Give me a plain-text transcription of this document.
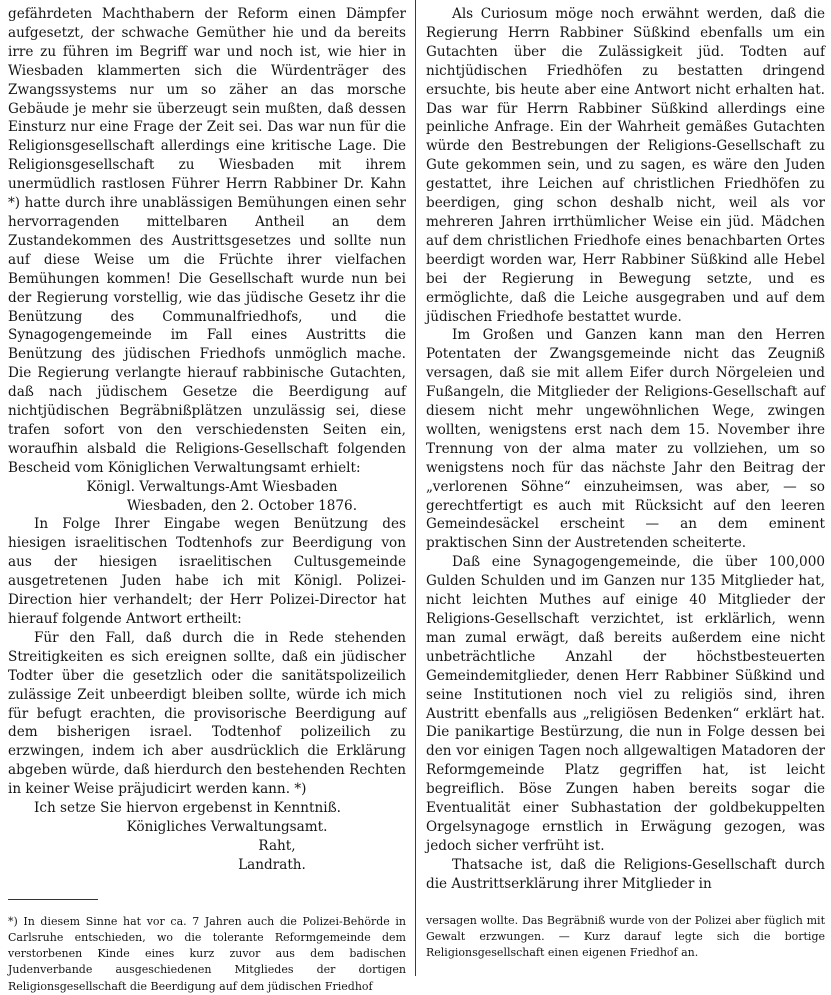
gefährdeten Machthabern der Reform einen Dämpfer aufgesetzt, der schwache Gemüther hie und da bereits irre zu führen im Begriff war und noch ist, wie hier in Wiesbaden klammerten sich die Würdenträger des Zwangssystems nur um so zäher an das morsche Gebäude je mehr sie überzeugt sein mußten, daß dessen Einsturz nur eine Frage der Zeit sei. Das war nun für die Religionsgesellschaft allerdings eine kritische Lage. Die Religionsgesellschaft zu Wiesbaden mit ihrem unermüdlich rastlosen Führer Herrn Rabbiner Dr. Kahn *) hatte durch ihre unablässigen Bemühungen einen sehr hervorragenden mittelbaren Antheil an dem Zustandekommen des Austrittsgesetzes und sollte nun auf diese Weise um die Früchte ihrer vielfachen Bemühungen kommen! Die Gesellschaft wurde nun bei der Regierung vorstellig, wie das jüdische Gesetz ihr die Benützung des Communalfriedhofs, und die Synagogengemeinde im Fall eines Austritts die Benützung des jüdischen Friedhofs unmöglich mache. Die Regierung verlangte hierauf rabbinische Gutachten, daß nach jüdischem Gesetze die Beerdigung auf nichtjüdischen Begräbnißplätzen unzulässig sei, diese trafen sofort von den verschiedensten Seiten ein, woraufhin alsbald die Religions-Gesellschaft folgenden Bescheid vom Königlichen Verwaltungsamt erhielt:

Königl. Verwaltungs-Amt Wiesbaden

Wiesbaden, den 2. October 1876.

In Folge Ihrer Eingabe wegen Benützung des hiesigen israelitischen Todtenhofs zur Beerdigung von aus der hiesigen israelitischen Cultusgemeinde ausgetretenen Juden habe ich mit Königl. Polizei-Direction hier verhandelt; der Herr Polizei-Director hat hierauf folgende Antwort ertheilt:

Für den Fall, daß durch die in Rede stehenden Streitigkeiten es sich ereignen sollte, daß ein jüdischer Todter über die gesetzlich oder die sanitätspolizeilich zulässige Zeit unbeerdigt bleiben sollte, würde ich mich für befugt erachten, die provisorische Beerdigung auf dem bisherigen israel. Todtenhof polizeilich zu erzwingen, indem ich aber ausdrücklich die Erklärung abgeben würde, daß hierdurch den bestehenden Rechten in keiner Weise präjudicirt werden kann. *)

Ich setze Sie hiervon ergebenst in Kenntniß.

Königliches Verwaltungsamt.

Raht,

Landrath.

*) In diesem Sinne hat vor ca. 7 Jahren auch die Polizei-Behörde in Carlsruhe entschieden, wo die tolerante Reformgemeinde dem verstorbenen Kinde eines kurz zuvor aus dem badischen Judenverbande ausgeschiedenen Mitgliedes der dortigen Religionsgesellschaft die Beerdigung auf dem jüdischen Friedhof

Als Curiosum möge noch erwähnt werden, daß die Regierung Herrn Rabbiner Süßkind ebenfalls um ein Gutachten über die Zulässigkeit jüd. Todten auf nichtjüdischen Friedhöfen zu bestatten dringend ersuchte, bis heute aber eine Antwort nicht erhalten hat. Das war für Herrn Rabbiner Süßkind allerdings eine peinliche Anfrage. Ein der Wahrheit gemäßes Gutachten würde den Bestrebungen der Religions-Gesellschaft zu Gute gekommen sein, und zu sagen, es wäre den Juden gestattet, ihre Leichen auf christlichen Friedhöfen zu beerdigen, ging schon deshalb nicht, weil als vor mehreren Jahren irrthümlicher Weise ein jüd. Mädchen auf dem christlichen Friedhofe eines benachbarten Ortes beerdigt worden war, Herr Rabbiner Süßkind alle Hebel bei der Regierung in Bewegung setzte, und es ermöglichte, daß die Leiche ausgegraben und auf dem jüdischen Friedhofe bestattet wurde.

Im Großen und Ganzen kann man den Herren Potentaten der Zwangsgemeinde nicht das Zeugniß versagen, daß sie mit allem Eifer durch Nörgeleien und Fußangeln, die Mitglieder der Religions-Gesellschaft auf diesem nicht mehr ungewöhnlichen Wege, zwingen wollten, wenigstens erst nach dem 15. November ihre Trennung von der alma mater zu vollziehen, um so wenigstens noch für das nächste Jahr den Beitrag der „verlorenen Söhne“ einzuheimsen, was aber, — so gerechtfertigt es auch mit Rücksicht auf den leeren Gemeindesäckel erscheint — an dem eminent praktischen Sinn der Austretenden scheiterte.

Daß eine Synagogengemeinde, die über 100,000 Gulden Schulden und im Ganzen nur 135 Mitglieder hat, nicht leichten Muthes auf einige 40 Mitglieder der Religions-Gesellschaft verzichtet, ist erklärlich, wenn man zumal erwägt, daß bereits außerdem eine nicht unbeträchtliche Anzahl der höchstbesteuerten Gemeindemitglieder, denen Herr Rabbiner Süßkind und seine Institutionen noch viel zu religiös sind, ihren Austritt ebenfalls aus „religiösen Bedenken“ erklärt hat. Die panikartige Bestürzung, die nun in Folge dessen bei den vor einigen Tagen noch allgewaltigen Matadoren der Reformgemeinde Platz gegriffen hat, ist leicht begreiflich. Böse Zungen haben bereits sogar die Eventualität einer Subhastation der goldbekuppelten Orgelsynagoge ernstlich in Erwägung gezogen, was jedoch sicher verfrüht ist.

Thatsache ist, daß die Religions-Gesellschaft durch die Austrittserklärung ihrer Mitglieder in

versagen wollte. Das Begräbniß wurde von der Polizei aber füglich mit Gewalt erzwungen. — Kurz darauf legte sich die bortige Religionsgesellschaft einen eigenen Friedhof an.
